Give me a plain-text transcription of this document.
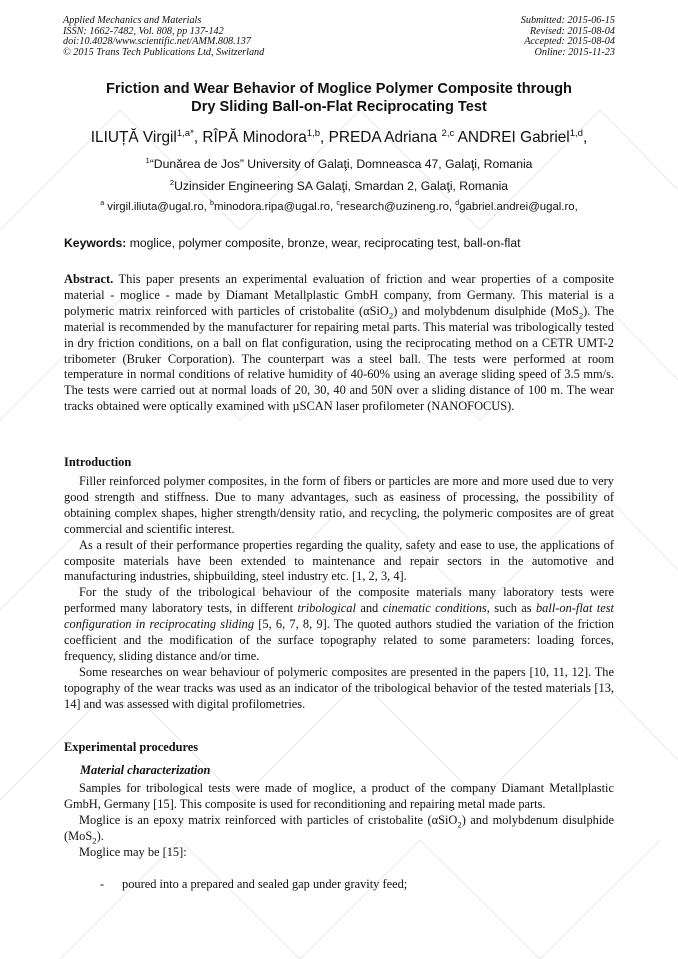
Applied Mechanics and Materials
ISSN: 1662-7482, Vol. 808, pp 137-142
doi:10.4028/www.scientific.net/AMM.808.137
© 2015 Trans Tech Publications Ltd, Switzerland
Submitted: 2015-06-15
Revised: 2015-08-04
Accepted: 2015-08-04
Online: 2015-11-23
Friction and Wear Behavior of Moglice Polymer Composite through
Dry Sliding Ball-on-Flat Reciprocating Test
ILIUȚĂ Virgil$^{1,a*}$, RÎPĂ Minodora$^{1,b}$, PREDA Adriana $^{2,c}$ ANDREI Gabriel$^{1,d}$,
$^1$“Dunărea de Jos” University of Galaţi, Domneasca 47, Galaţi, Romania
$^2$Uzinsider Engineering SA Galaţi, Smardan 2, Galaţi, Romania
$^a$ virgil.iliuta@ugal.ro, $^b$minodora.ripa@ugal.ro, $^c$research@uzineng.ro, $^d$gabriel.andrei@ugal.ro,
Keywords: moglice, polymer composite, bronze, wear, reciprocating test, ball-on-flat

Abstract. This paper presents an experimental evaluation of friction and wear properties of a composite material - moglice - made by Diamant Metallplastic GmbH company, from Germany. This material is a polymeric matrix reinforced with particles of cristobalite (αSiO$_2$) and molybdenum disulphide (MoS$_2$). The material is recommended by the manufacturer for repairing metal parts. This material was tribologically tested in dry friction conditions, on a ball on flat configuration, using the reciprocating method on a CETR UMT-2 tribometer (Bruker Corporation). The counterpart was a steel ball. The tests were performed at room temperature in normal conditions of relative humidity of 40-60% using an average sliding speed of 3.5 mm/s. The tests were carried out at normal loads of 20, 30, 40 and 50N over a sliding distance of 100 m. The wear tracks obtained were optically examined with µSCAN laser profilometer (NANOFOCUS).

Introduction

Filler reinforced polymer composites, in the form of fibers or particles are more and more used due to very good strength and stiffness. Due to many advantages, such as easiness of processing, the possibility of obtaining complex shapes, higher strength/density ratio, and recycling, the polymeric composites are of great commercial and scientific interest.

As a result of their performance properties regarding the quality, safety and ease to use, the applications of composite materials have been extended to maintenance and repair sectors in the automotive and manufacturing industries, shipbuilding, steel industry etc. [1, 2, 3, 4].

For the study of the tribological behaviour of the composite materials many laboratory tests were performed many laboratory tests, in different tribological and cinematic conditions, such as ball-on-flat test configuration in reciprocating sliding [5, 6, 7, 8, 9]. The quoted authors studied the variation of the friction coefficient and the modification of the surface topography related to some parameters: loading forces, frequency, sliding distance and/or time.

Some researches on wear behaviour of polymeric composites are presented in the papers [10, 11, 12]. The topography of the wear tracks was used as an indicator of the tribological behavior of the tested materials [13, 14] and was assessed with digital profilometries.

Experimental procedures
Material characterization

Samples for tribological tests were made of moglice, a product of the company Diamant Metallplastic GmbH, Germany [15]. This composite is used for reconditioning and repairing metal made parts.

Moglice is an epoxy matrix reinforced with particles of cristobalite (αSiO$_2$) and molybdenum disulphide (MoS$_2$).

Moglice may be [15]:

- poured into a prepared and sealed gap under gravity feed;
